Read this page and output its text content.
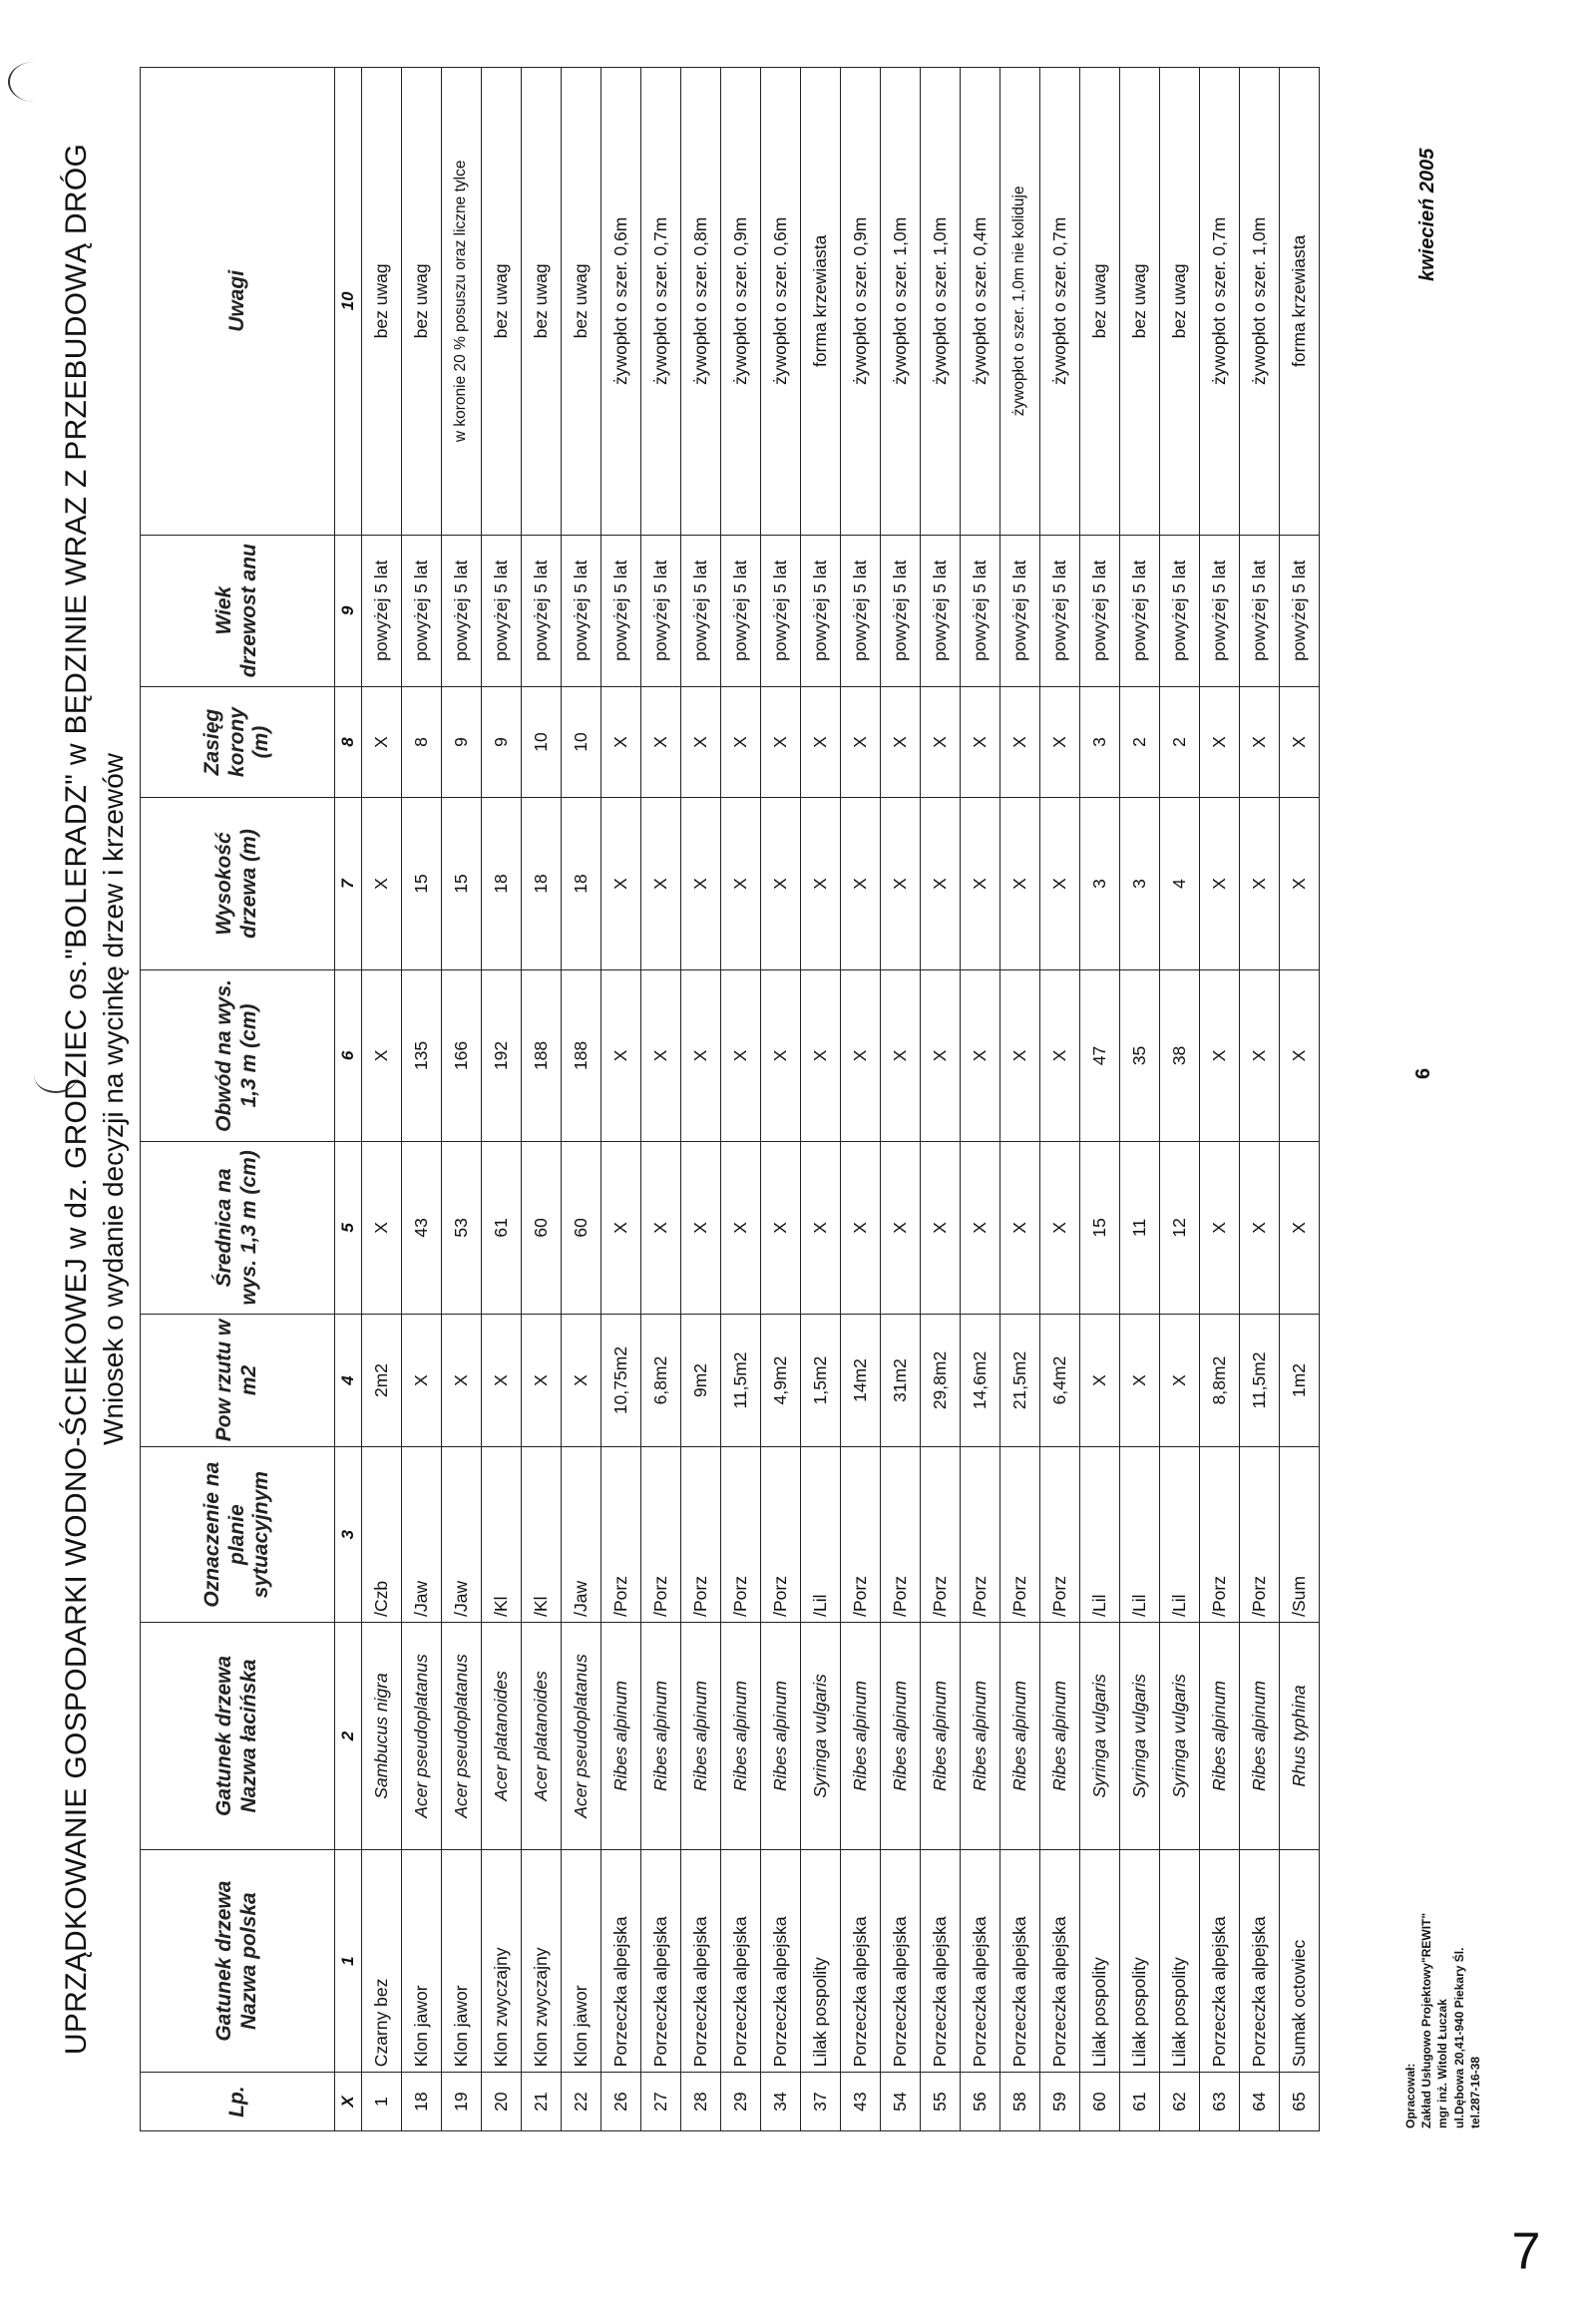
UPRZĄDKOWANIE GOSPODARKI WODNO-ŚCIEKOWEJ w dz. GRODZIEC os."BOLERADZ" w BĘDZINIE WRAZ Z PRZEBUDOWĄ DRÓG Wniosek o wydanie decyzji na wycinkę drzew i krzewów
Lp.	Gatunek drzewa Nazwa polska	Gatunek drzewa Nazwa łacińska	Oznaczenie na planie sytuacyjnym	Pow rzutu w m2	Średnica na wys. 1,3 m (cm)	Obwód na wys. 1,3 m (cm)	Wysokość drzewa (m)	Zasięg korony (m)	Wiek drzewost anu	Uwagi
X	1	2	3	4	5	6	7	8	9	10
1	Czarny bez	Sambucus nigra	/Czb	2m2	X	X	X	X	powyżej 5 lat	bez uwag
18	Klon jawor	Acer pseudoplatanus	/Jaw	X	43	135	15	8	powyżej 5 lat	bez uwag
19	Klon jawor	Acer pseudoplatanus	/Jaw	X	53	166	15	9	powyżej 5 lat	w koronie 20 % posuszu oraz liczne tylce
20	Klon zwyczajny	Acer platanoides	/Kl	X	61	192	18	9	powyżej 5 lat	bez uwag
21	Klon zwyczajny	Acer platanoides	/Kl	X	60	188	18	10	powyżej 5 lat	bez uwag
22	Klon jawor	Acer pseudoplatanus	/Jaw	X	60	188	18	10	powyżej 5 lat	bez uwag
26	Porzeczka alpejska	Ribes alpinum	/Porz	10,75m2	X	X	X	X	powyżej 5 lat	żywopłot o szer. 0,6m
27	Porzeczka alpejska	Ribes alpinum	/Porz	6,8m2	X	X	X	X	powyżej 5 lat	żywopłot o szer. 0,7m
28	Porzeczka alpejska	Ribes alpinum	/Porz	9m2	X	X	X	X	powyżej 5 lat	żywopłot o szer. 0,8m
29	Porzeczka alpejska	Ribes alpinum	/Porz	11,5m2	X	X	X	X	powyżej 5 lat	żywopłot o szer. 0,9m
34	Porzeczka alpejska	Ribes alpinum	/Porz	4,9m2	X	X	X	X	powyżej 5 lat	żywopłot o szer. 0,6m
37	Lilak pospolity	Syringa vulgaris	/Lil	1,5m2	X	X	X	X	powyżej 5 lat	forma krzewiasta
43	Porzeczka alpejska	Ribes alpinum	/Porz	14m2	X	X	X	X	powyżej 5 lat	żywopłot o szer. 0,9m
54	Porzeczka alpejska	Ribes alpinum	/Porz	31m2	X	X	X	X	powyżej 5 lat	żywopłot o szer. 1,0m
55	Porzeczka alpejska	Ribes alpinum	/Porz	29,8m2	X	X	X	X	powyżej 5 lat	żywopłot o szer. 1,0m
56	Porzeczka alpejska	Ribes alpinum	/Porz	14,6m2	X	X	X	X	powyżej 5 lat	żywopłot o szer. 0,4m
58	Porzeczka alpejska	Ribes alpinum	/Porz	21,5m2	X	X	X	X	powyżej 5 lat	żywopłot o szer. 1,0m nie koliduje
59	Porzeczka alpejska	Ribes alpinum	/Porz	6,4m2	X	X	X	X	powyżej 5 lat	żywopłot o szer. 0,7m
60	Lilak pospolity	Syringa vulgaris	/Lil	X	15	47	3	3	powyżej 5 lat	bez uwag
61	Lilak pospolity	Syringa vulgaris	/Lil	X	11	35	3	2	powyżej 5 lat	bez uwag
62	Lilak pospolity	Syringa vulgaris	/Lil	X	12	38	4	2	powyżej 5 lat	bez uwag
63	Porzeczka alpejska	Ribes alpinum	/Porz	8,8m2	X	X	X	X	powyżej 5 lat	żywopłot o szer. 0,7m
64	Porzeczka alpejska	Ribes alpinum	/Porz	11,5m2	X	X	X	X	powyżej 5 lat	żywopłot o szer. 1,0m
65	Sumak octowiec	Rhus typhina	/Sum	1m2	X	X	X	X	powyżej 5 lat	forma krzewiasta
Opracował: Zakład Usługowo Projektowy"REWIT" mgr inż. Witold Łuczak ul.Dębowa 20,41-940 Piekary Śl. tel.287-16-38
6
kwiecień 2005
7
